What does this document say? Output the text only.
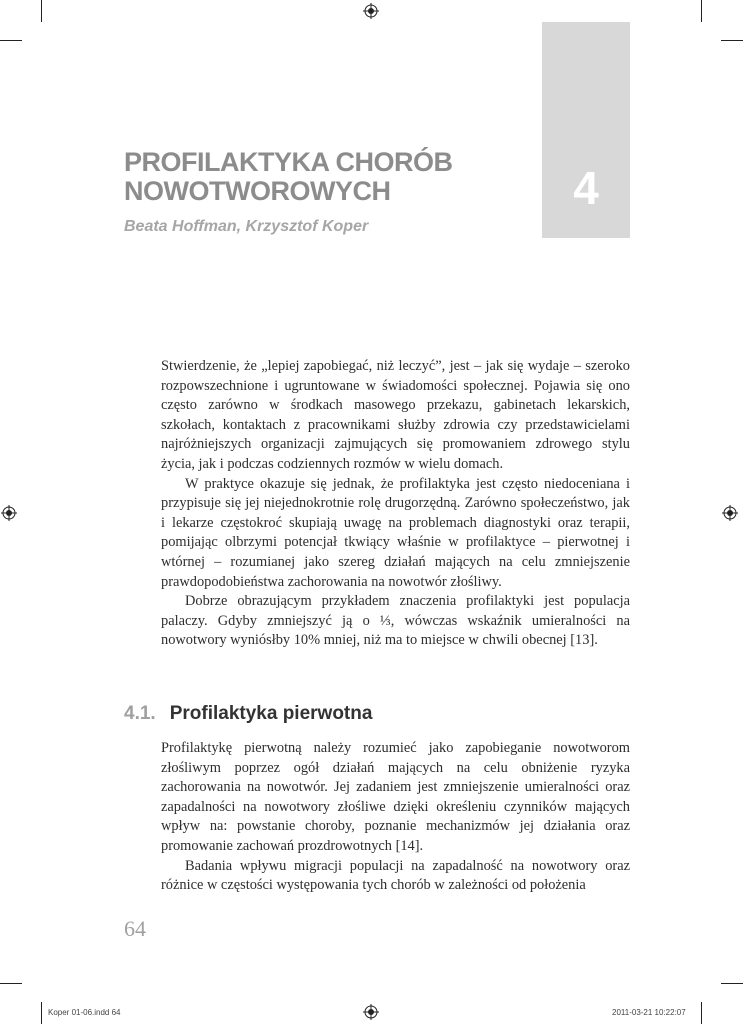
4
PROFILAKTYKA CHORÓB
NOWOTWOROWYCH
Beata Hoffman, Krzysztof Koper

Stwierdzenie, że „lepiej zapobiegać, niż leczyć”, jest – jak się wydaje – szeroko rozpowszechnione i ugruntowane w świadomości społecznej. Pojawia się ono często zarówno w środkach masowego przekazu, gabinetach lekarskich, szkołach, kontaktach z pracownikami służby zdrowia czy przedstawicielami najróżniejszych organizacji zajmujących się promowaniem zdrowego stylu życia, jak i podczas codziennych rozmów w wielu domach.

W praktyce okazuje się jednak, że profilaktyka jest często niedoceniana i przypisuje się jej niejednokrotnie rolę drugorzędną. Zarówno społeczeństwo, jak i lekarze częstokroć skupiają uwagę na problemach diagnostyki oraz terapii, pomijając olbrzymi potencjał tkwiący właśnie w profilaktyce – pierwotnej i wtórnej – rozumianej jako szereg działań mających na celu zmniejszenie prawdopodobieństwa zachorowania na nowotwór złośliwy.

Dobrze obrazującym przykładem znaczenia profilaktyki jest populacja palaczy. Gdyby zmniejszyć ją o ⅓, wówczas wskaźnik umieralności na nowotwory wyniósłby 10% mniej, niż ma to miejsce w chwili obecnej [13].

4.1. Profilaktyka pierwotna

Profilaktykę pierwotną należy rozumieć jako zapobieganie nowotworom złośliwym poprzez ogół działań mających na celu obniżenie ryzyka zachorowania na nowotwór. Jej zadaniem jest zmniejszenie umieralności oraz zapadalności na nowotwory złośliwe dzięki określeniu czynników mających wpływ na: powstanie choroby, poznanie mechanizmów jej działania oraz promowanie zachowań prozdrowotnych [14].

Badania wpływu migracji populacji na zapadalność na nowotwory oraz różnice w częstości występowania tych chorób w zależności od położenia

64
Koper 01-06.indd 64	2011-03-21 10:22:07
